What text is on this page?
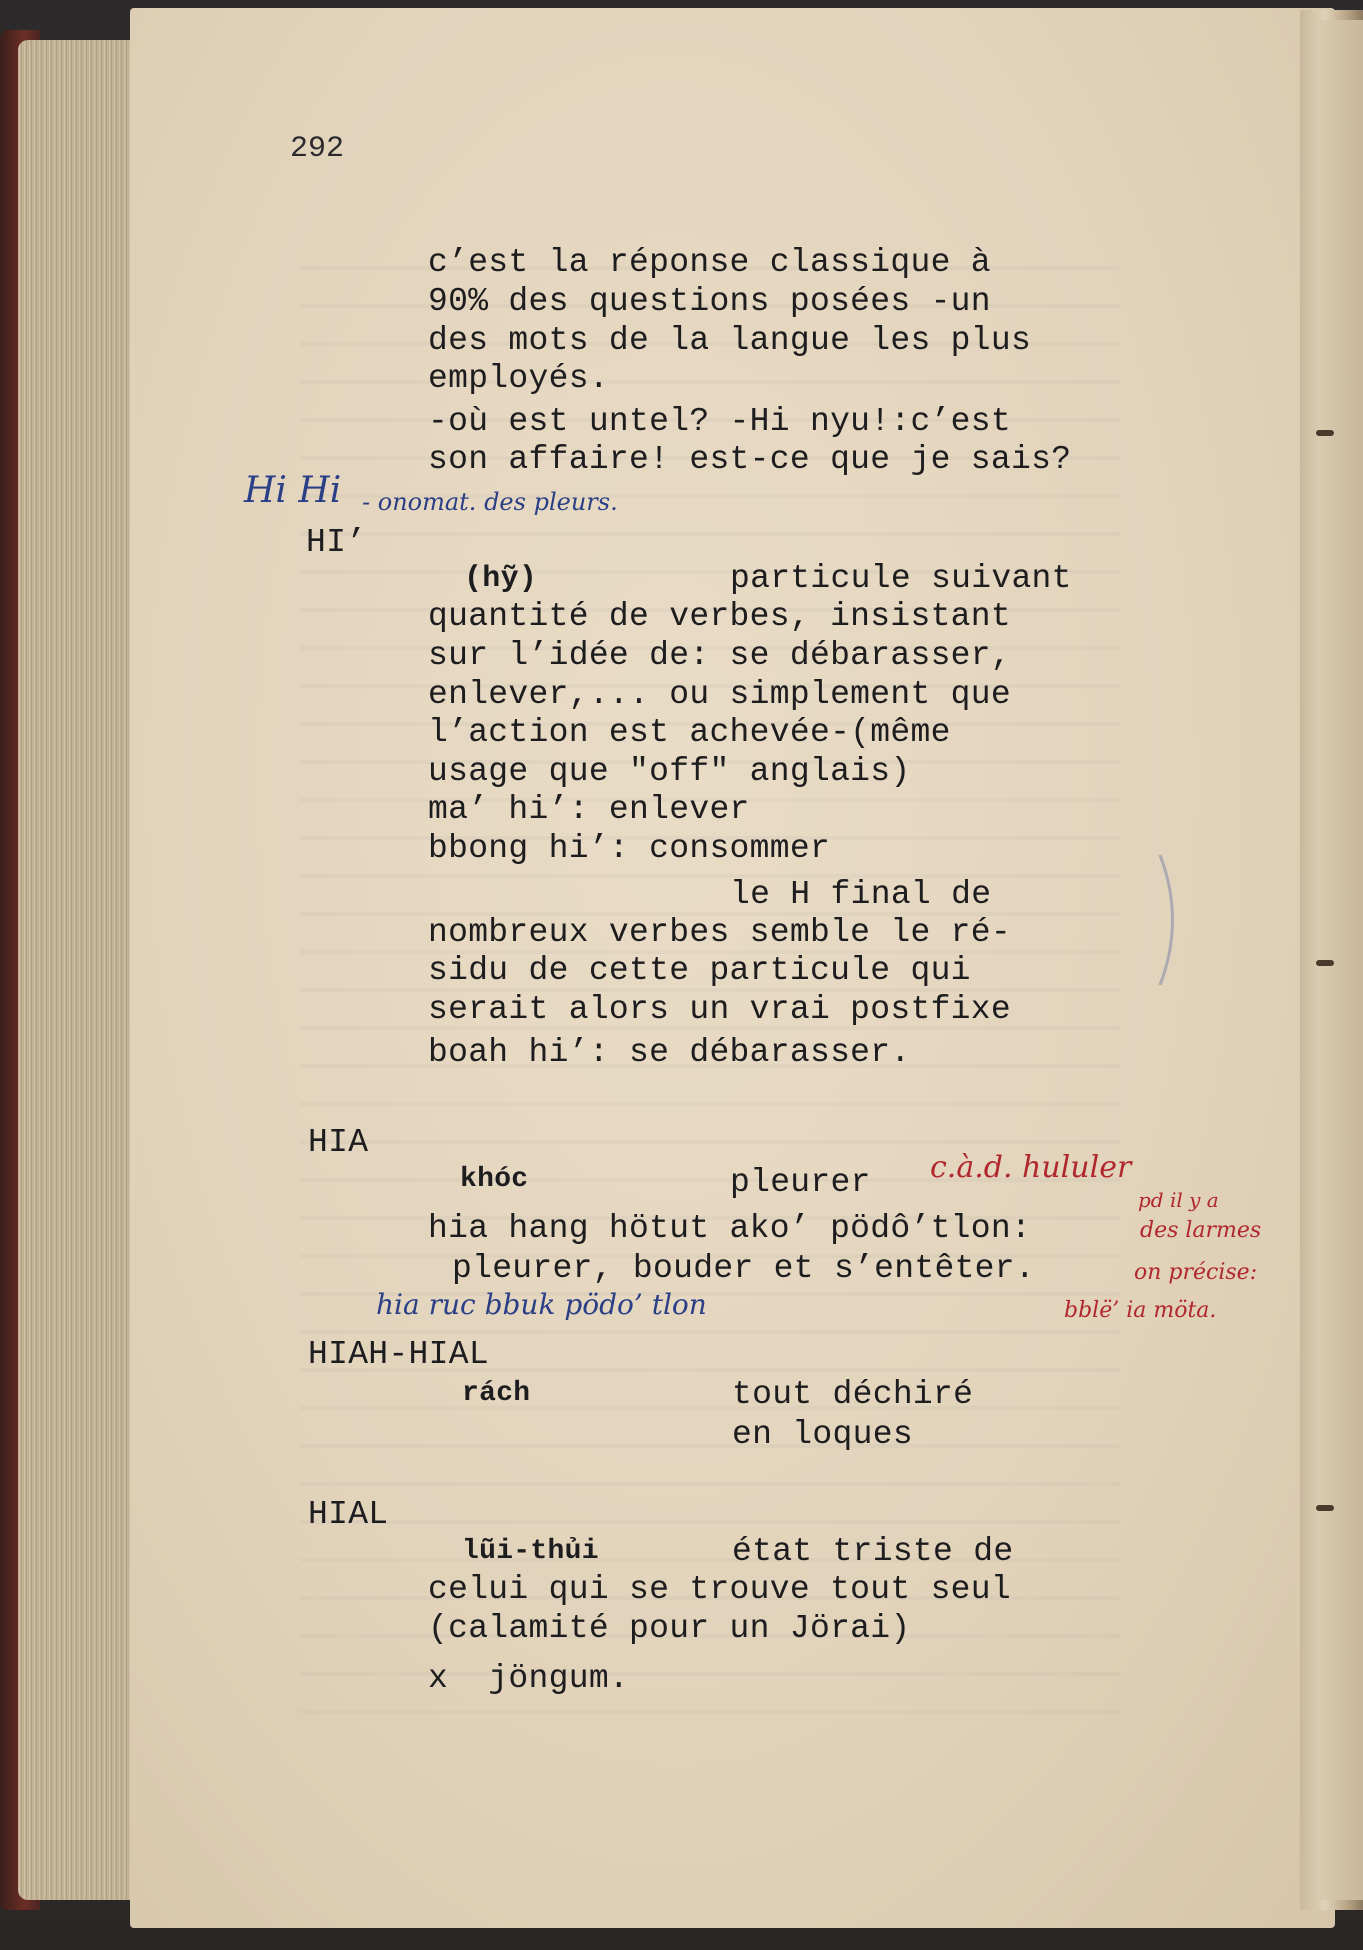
292
c’est la réponse classique à
90% des questions posées -un
des mots de la langue les plus
employés.
-où est untel? -Hi nyu!:c’est
son affaire! est-ce que je sais?
Hi Hi - onomat. des pleurs.
HI’
(hỹ)	particule suivant
quantité de verbes, insistant
sur l’idée de: se débarasser,
enlever,... ou simplement que
l’action est achevée-(même
usage que "off" anglais)
ma’ hi’: enlever
bbong hi’: consommer
le H final de
nombreux verbes semble le ré-
sidu de cette particule qui
serait alors un vrai postfixe
boah hi’: se débarasser.
HIA
khóc	pleurer c.à.d. hululer
hia hang hötut ako’ pödô’tlon:
pleurer, bouder et s’entêter.
pd il y a
des larmes
on précise:
bblë’ ia möta.
hia ruc bbuk pödo’ tlon
HIAH-HIAL
rách	tout déchiré
en loques
HIAL
lũi-thủi	état triste de
celui qui se trouve tout seul
(calamité pour un Jörai)
x  jöngum.
